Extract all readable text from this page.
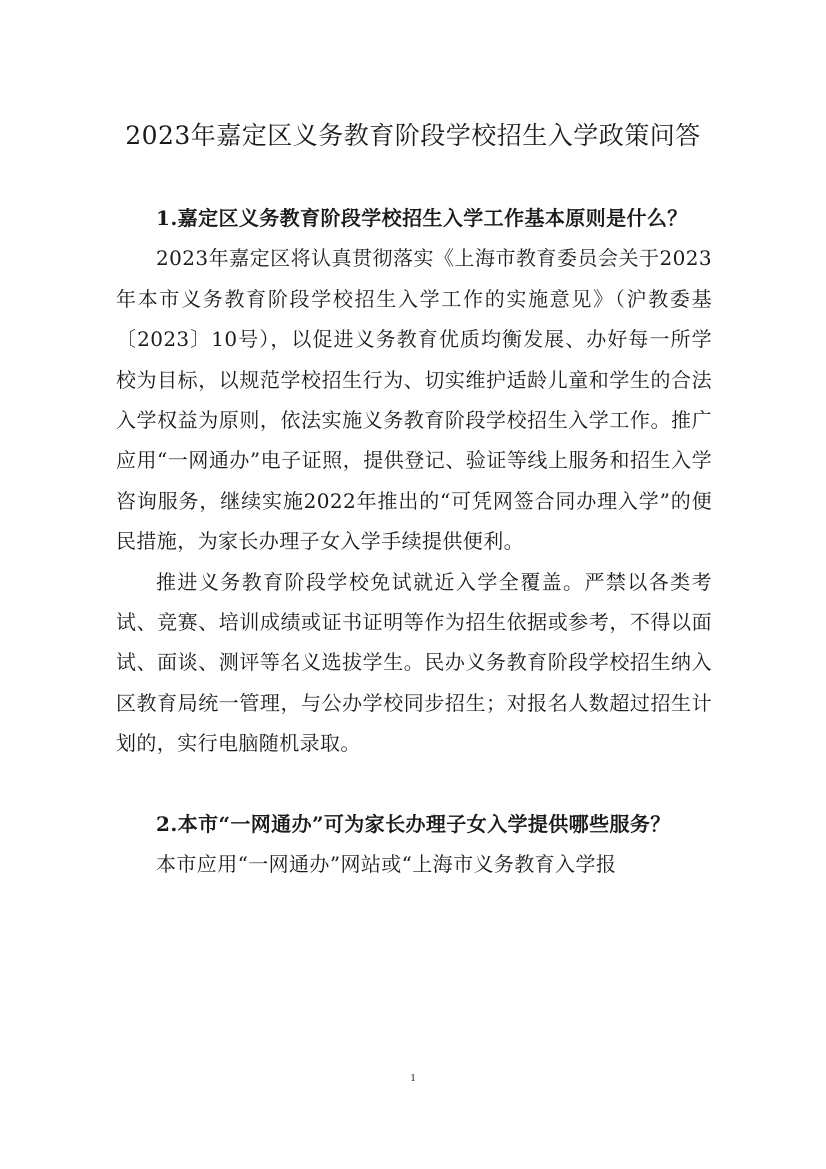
2023年嘉定区义务教育阶段学校招生入学政策问答

1.嘉定区义务教育阶段学校招生入学工作基本原则是什么？

2023年嘉定区将认真贯彻落实《上海市教育委员会关于2023年本市义务教育阶段学校招生入学工作的实施意见》（沪教委基〔2023〕10号），以促进义务教育优质均衡发展、办好每一所学校为目标，以规范学校招生行为、切实维护适龄儿童和学生的合法入学权益为原则，依法实施义务教育阶段学校招生入学工作。推广应用“一网通办”电子证照，提供登记、验证等线上服务和招生入学咨询服务，继续实施2022年推出的“可凭网签合同办理入学”的便民措施，为家长办理子女入学手续提供便利。

推进义务教育阶段学校免试就近入学全覆盖。严禁以各类考试、竞赛、培训成绩或证书证明等作为招生依据或参考，不得以面试、面谈、测评等名义选拔学生。民办义务教育阶段学校招生纳入区教育局统一管理，与公办学校同步招生；对报名人数超过招生计划的，实行电脑随机录取。

2.本市“一网通办”可为家长办理子女入学提供哪些服务？

本市应用“一网通办”网站或“上海市义务教育入学报

1
